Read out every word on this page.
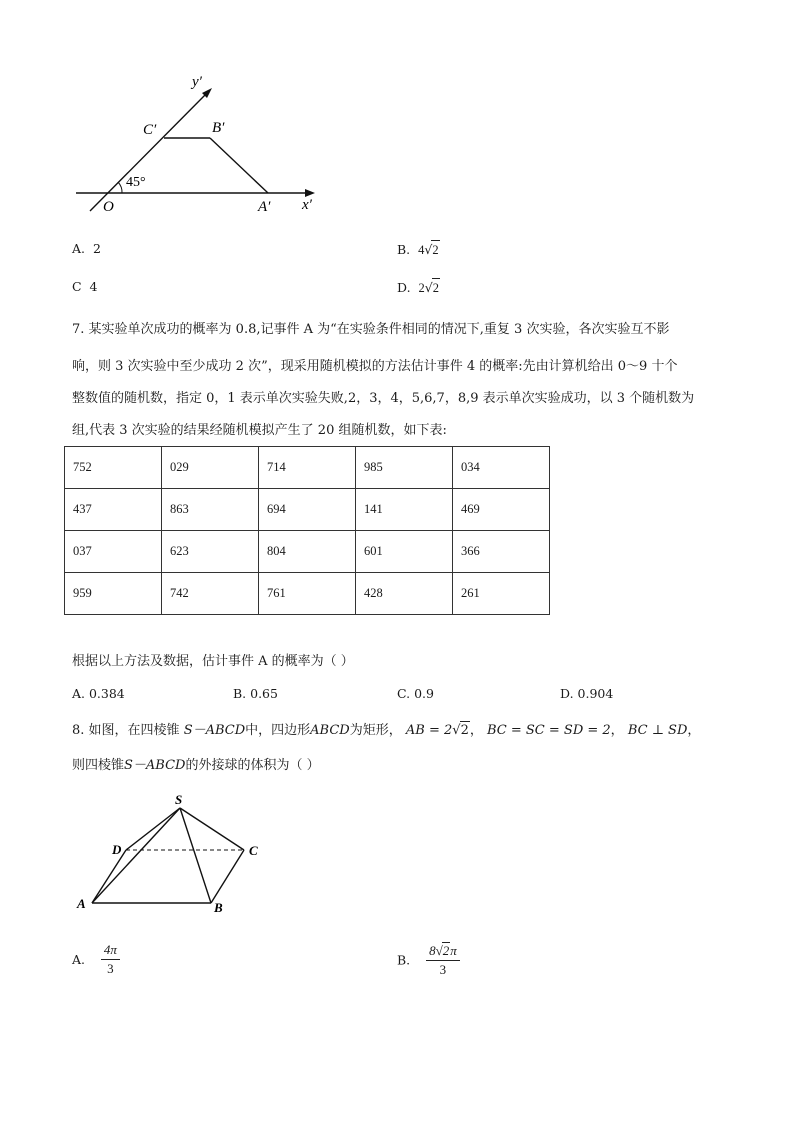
y′
x′
O	A′
B′
C′
45°
A. 2	B. 4√2
C 4	D. 2√2
7. 某实验单次成功的概率为 0.8,记事件 A 为“在实验条件相同的情况下,重复 3 次实验，各次实验互不影
响，则 3 次实验中至少成功 2 次”，现采用随机模拟的方法估计事件 4 的概率:先由计算机给出 0～9 十个
整数值的随机数，指定 0，1 表示单次实验失败,2，3，4，5,6,7，8,9 表示单次实验成功，以 3 个随机数为
组,代表 3 次实验的结果经随机模拟产生了 20 组随机数，如下表:
752	029	714	985	034
437	863	694	141	469
037	623	804	601	366
959	742	761	428	261
根据以上方法及数据，估计事件 A 的概率为（ ）
A. 0.384	B. 0.65	C. 0.9	D. 0.904
8. 如图，在四棱锥 S－ABCD中，四边形ABCD为矩形， AB = 2√2， BC = SC = SD = 2， BC ⊥ SD，
则四棱锥S－ABCD的外接球的体积为（ ）
S
D	C
A	B
A. $\frac{4\pi}{3}$	B. $\frac{8√2\pi}{3}$
